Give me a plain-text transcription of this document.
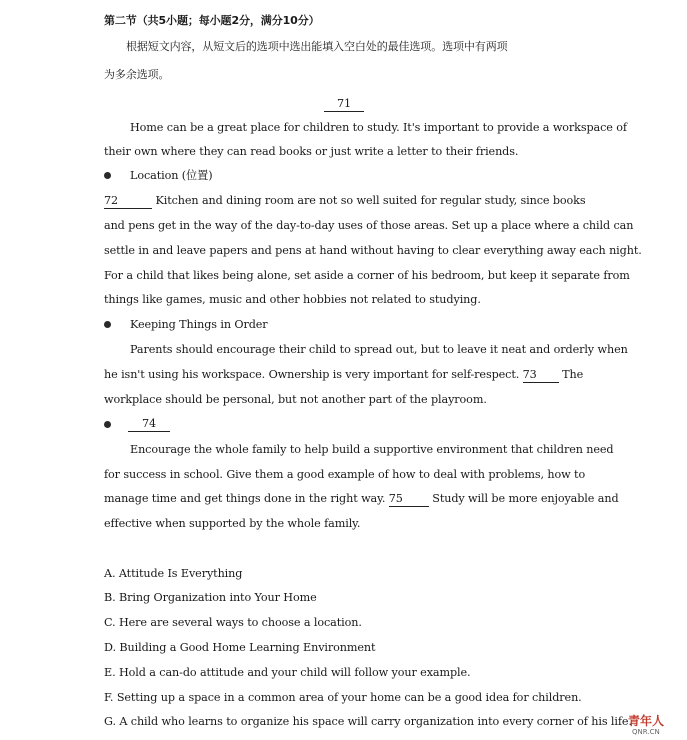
第二节（共5小题；每小题2分，满分10分）
根据短文内容，从短文后的选项中选出能填入空白处的最佳选项。选项中有两项
为多余选项。
71
Home can be a great place for children to study. It's important to provide a workspace of
their own where they can read books or just write a letter to their friends.
Location (位置)
72	Kitchen and dining room are not so well suited for regular study, since books
and pens get in the way of the day-to-day uses of those areas. Set up a place where a child can
settle in and leave papers and pens at hand without having to clear everything away each night.
For a child that likes being alone, set aside a corner of his bedroom, but keep it separate from
things like games, music and other hobbies not related to studying.
Keeping Things in Order
Parents should encourage their child to spread out, but to leave it neat and orderly when
he isn't using his workspace. Ownership is very important for self-respect. 73 The
workplace should be personal, but not another part of the playroom.
74
Encourage the whole family to help build a supportive environment that children need
for success in school. Give them a good example of how to deal with problems, how to
manage time and get things done in the right way. 75	Study will be more enjoyable and
effective when supported by the whole family.
A. Attitude Is Everything
B. Bring Organization into Your Home
C. Here are several ways to choose a location.
D. Building a Good Home Learning Environment
E. Hold a can-do attitude and your child will follow your example.
F. Setting up a space in a common area of your home can be a good idea for children.
G. A child who learns to organize his space will carry organization into every corner of his life.
青年人
QNR.CN
